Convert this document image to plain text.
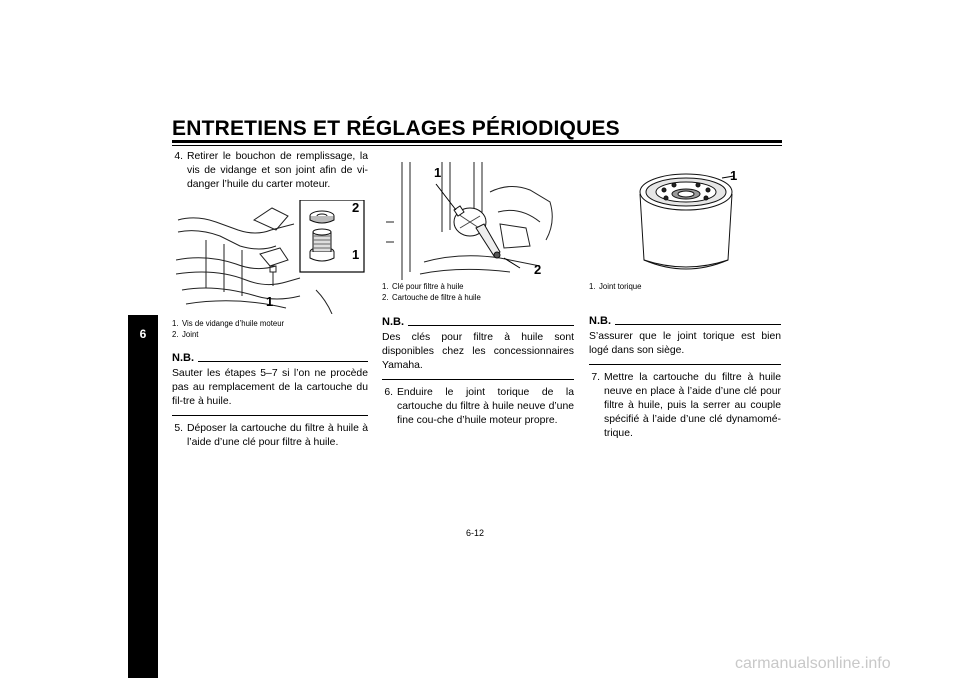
ENTRETIENS ET RÉGLAGES PÉRIODIQUES
6
4. Retirer le bouchon de remplissage, la vis de vidange et son joint afin de vi-danger l’huile du carter moteur.
2
1
1
1. Vis de vidange d’huile moteur
2. Joint
N.B.
Sauter les étapes 5–7 si l’on ne procède pas au remplacement de la cartouche du fil-tre à huile.
5. Déposer la cartouche du filtre à huile à l’aide d’une clé pour filtre à huile.
1
2
1. Clé pour filtre à huile
2. Cartouche de filtre à huile
N.B.
Des clés pour filtre à huile sont disponibles chez les concessionnaires Yamaha.
6. Enduire le joint torique de la cartouche du filtre à huile neuve d’une fine cou-che d’huile moteur propre.
1
1. Joint torique
N.B.
S’assurer que le joint torique est bien logé dans son siège.
7. Mettre la cartouche du filtre à huile neuve en place à l’aide d’une clé pour filtre à huile, puis la serrer au couple spécifié à l’aide d’une clé dynamomé-trique.
6-12
carmanualsonline.info
